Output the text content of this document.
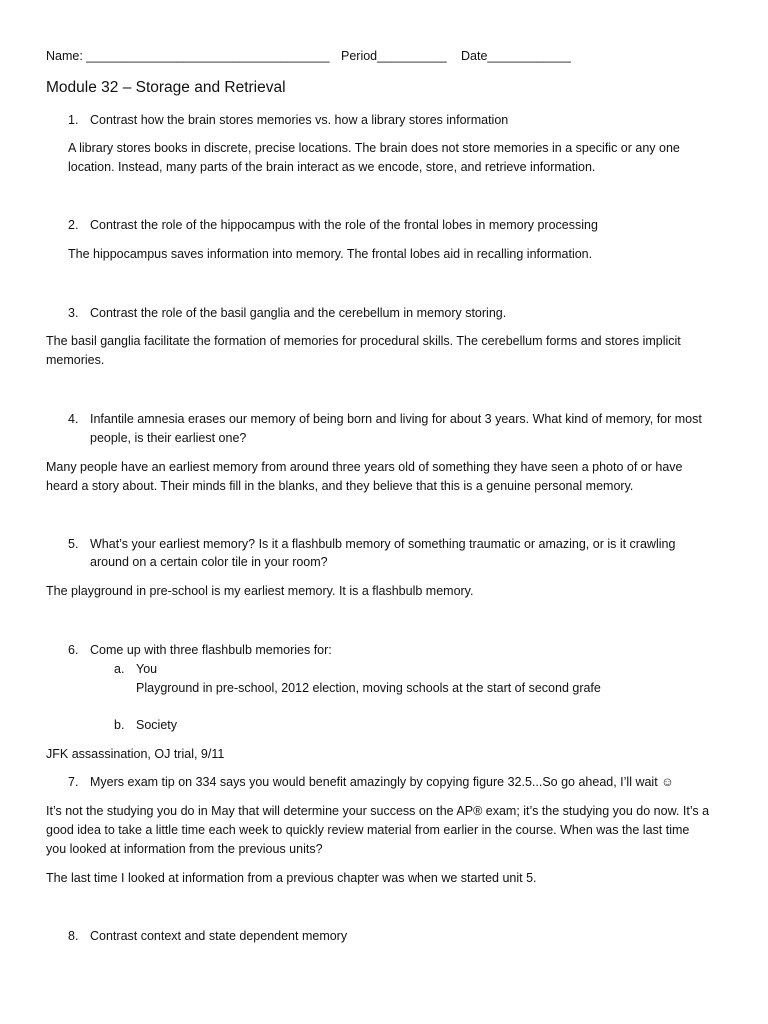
Name: ___________________________________ Period__________ Date____________
Module 32 – Storage and Retrieval
1. Contrast how the brain stores memories vs. how a library stores information
A library stores books in discrete, precise locations. The brain does not store memories in a specific or any one
location. Instead, many parts of the brain interact as we encode, store, and retrieve information.
2. Contrast the role of the hippocampus with the role of the frontal lobes in memory processing
The hippocampus saves information into memory. The frontal lobes aid in recalling information.
3. Contrast the role of the basil ganglia and the cerebellum in memory storing.
The basil ganglia facilitate the formation of memories for procedural skills. The cerebellum forms and stores implicit
memories.
4. Infantile amnesia erases our memory of being born and living for about 3 years. What kind of memory, for most
people, is their earliest one?
Many people have an earliest memory from around three years old of something they have seen a photo of or have
heard a story about. Their minds fill in the blanks, and they believe that this is a genuine personal memory.
5. What’s your earliest memory? Is it a flashbulb memory of something traumatic or amazing, or is it crawling
around on a certain color tile in your room?
The playground in pre-school is my earliest memory. It is a flashbulb memory.
6. Come up with three flashbulb memories for:
a. You
Playground in pre-school, 2012 election, moving schools at the start of second grafe
b. Society
JFK assassination, OJ trial, 9/11
7. Myers exam tip on 334 says you would benefit amazingly by copying figure 32.5...So go ahead, I’ll wait ☺
It’s not the studying you do in May that will determine your success on the AP® exam; it’s the studying you do now. It’s a
good idea to take a little time each week to quickly review material from earlier in the course. When was the last time
you looked at information from the previous units?
The last time I looked at information from a previous chapter was when we started unit 5.
8. Contrast context and state dependent memory
